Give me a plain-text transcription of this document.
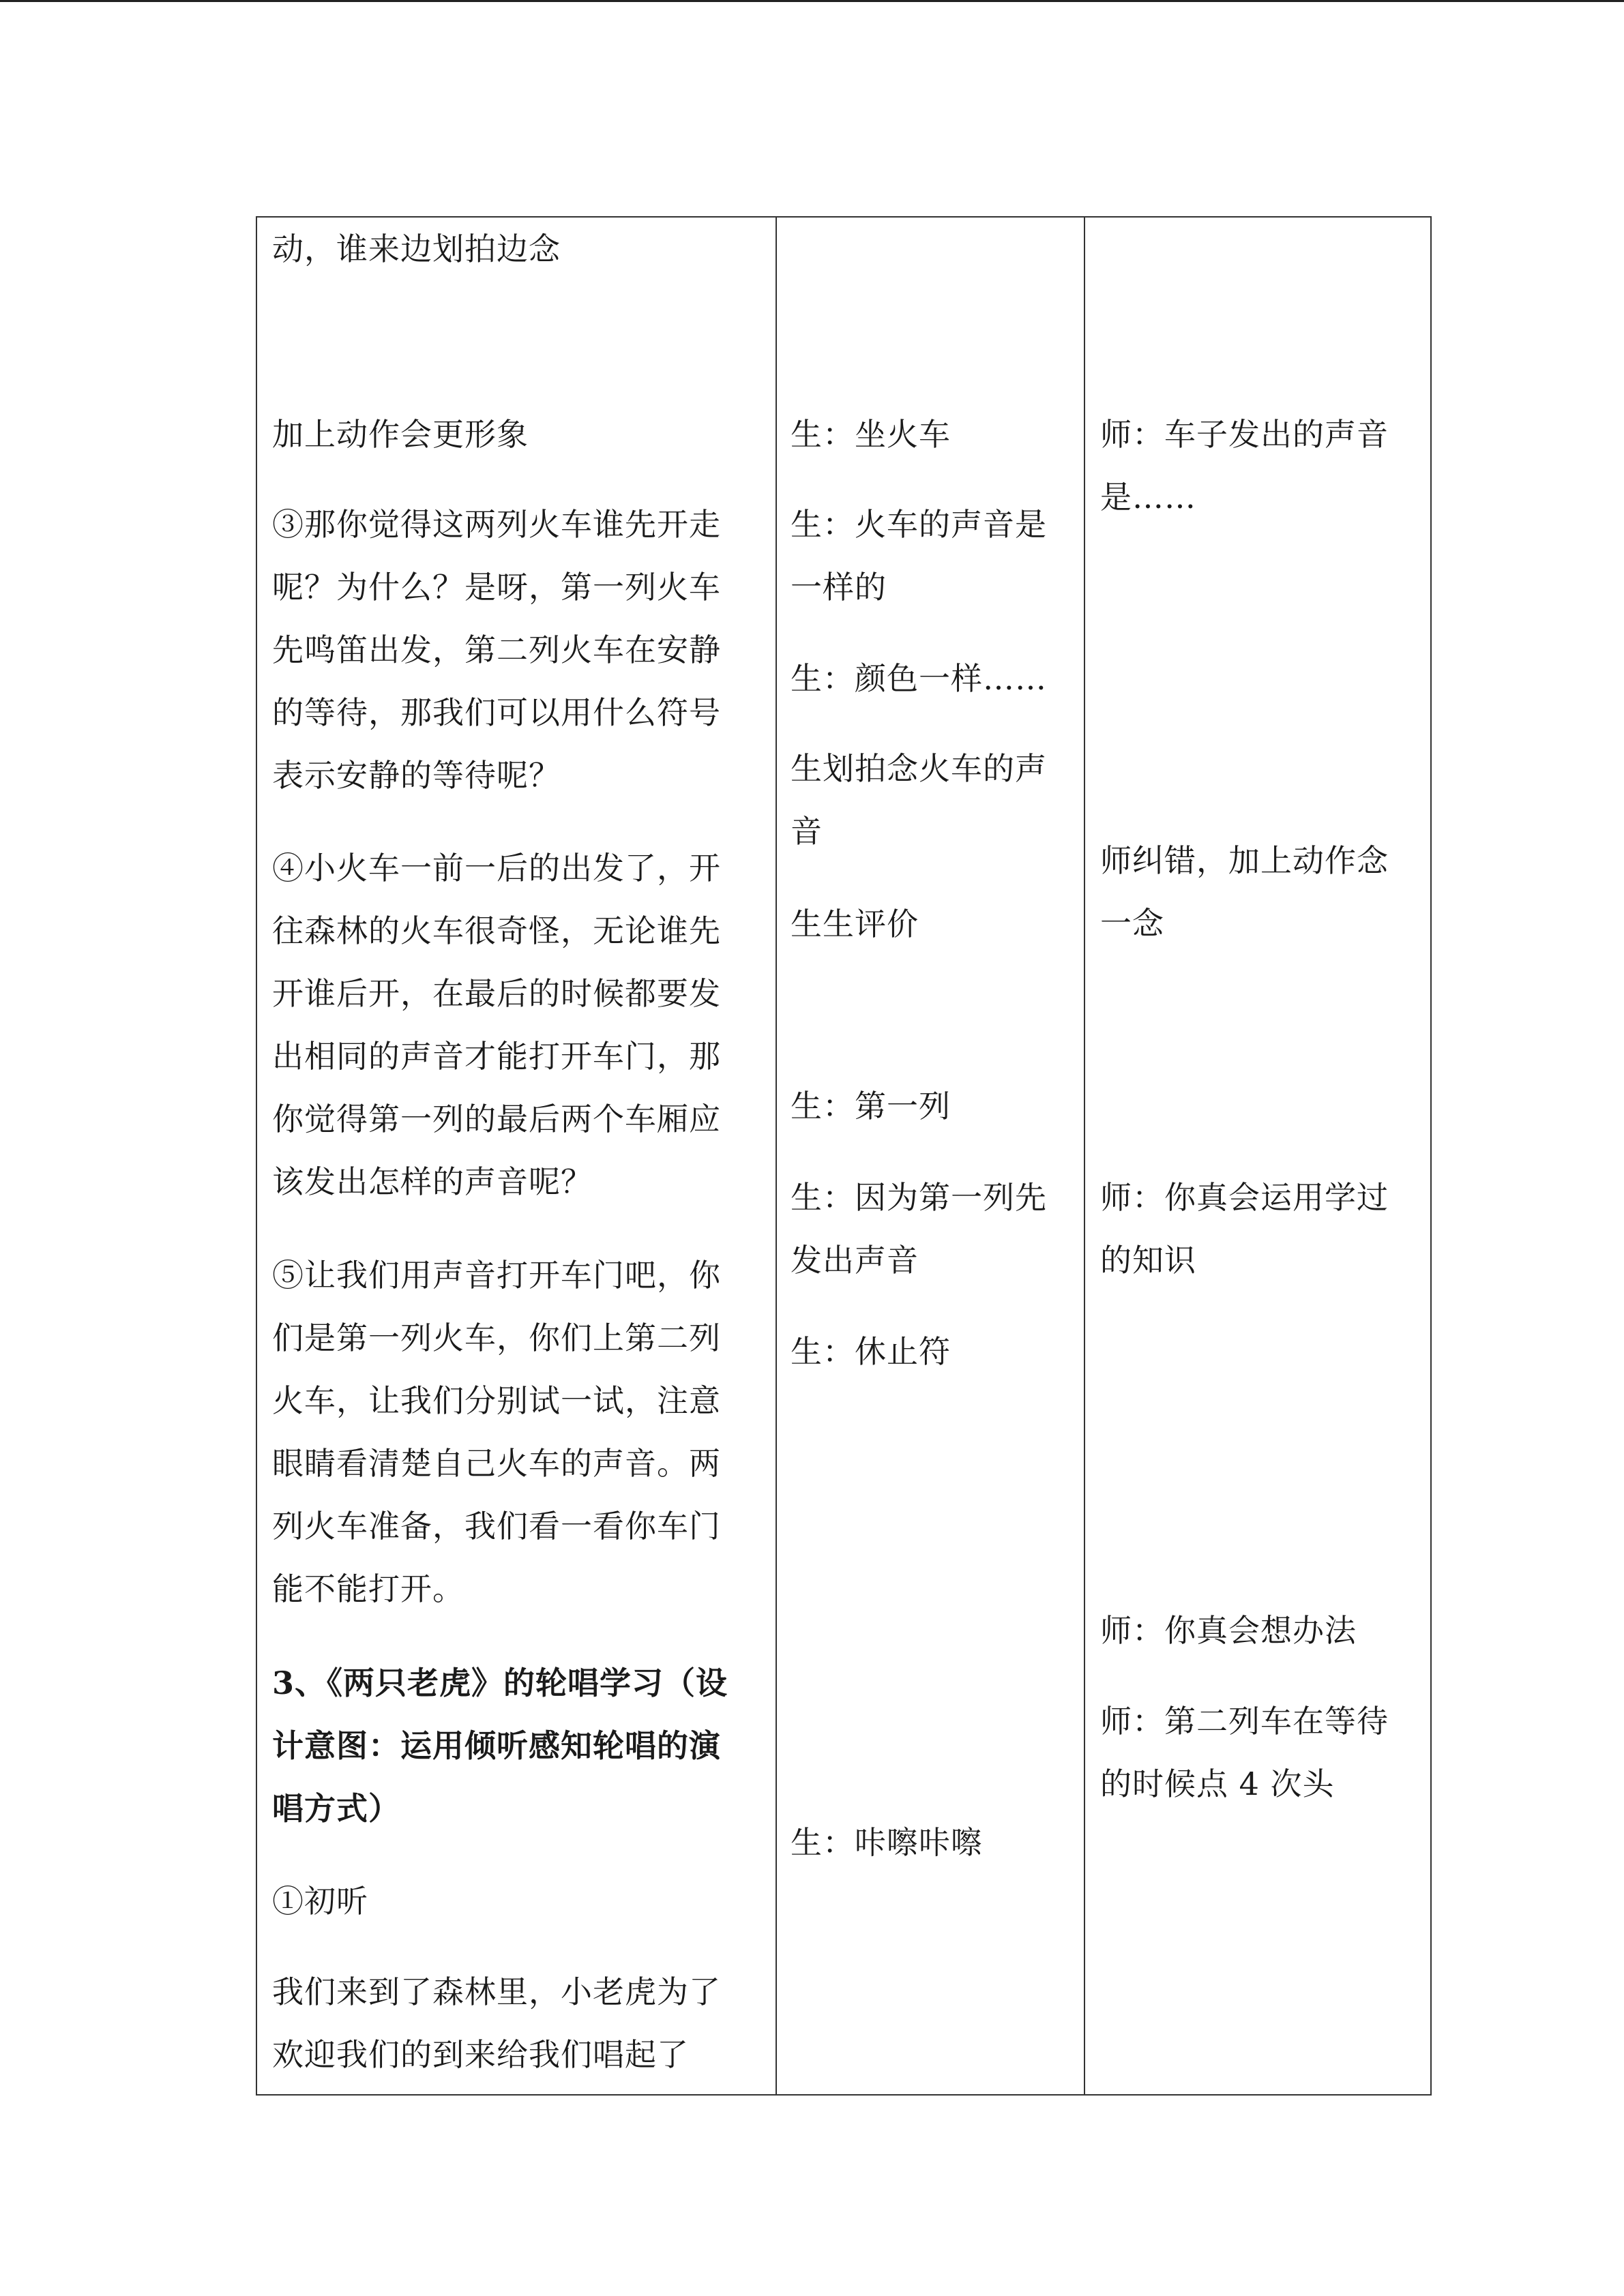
动，谁来边划拍边念

加上动作会更形象

③那你觉得这两列火车谁先开走
呢？为什么？是呀，第一列火车
先鸣笛出发，第二列火车在安静
的等待，那我们可以用什么符号
表示安静的等待呢？

④小火车一前一后的出发了，开
往森林的火车很奇怪，无论谁先
开谁后开，在最后的时候都要发
出相同的声音才能打开车门，那
你觉得第一列的最后两个车厢应
该发出怎样的声音呢？

⑤让我们用声音打开车门吧，你
们是第一列火车，你们上第二列
火车，让我们分别试一试，注意
眼睛看清楚自己火车的声音。两
列火车准备，我们看一看你车门
能不能打开。

3、《两只老虎》的轮唱学习（设
计意图：运用倾听感知轮唱的演
唱方式）

①初听

我们来到了森林里，小老虎为了
欢迎我们的到来给我们唱起了

生：坐火车

生：火车的声音是
一样的

生：颜色一样……

生划拍念火车的声
音

生生评价

生：第一列

生：因为第一列先
发出声音

生：休止符

生：咔嚓咔嚓

师：车子发出的声音
是……

师纠错，加上动作念
一念

师：你真会运用学过
的知识

师：你真会想办法

师：第二列车在等待
的时候点 4 次头
